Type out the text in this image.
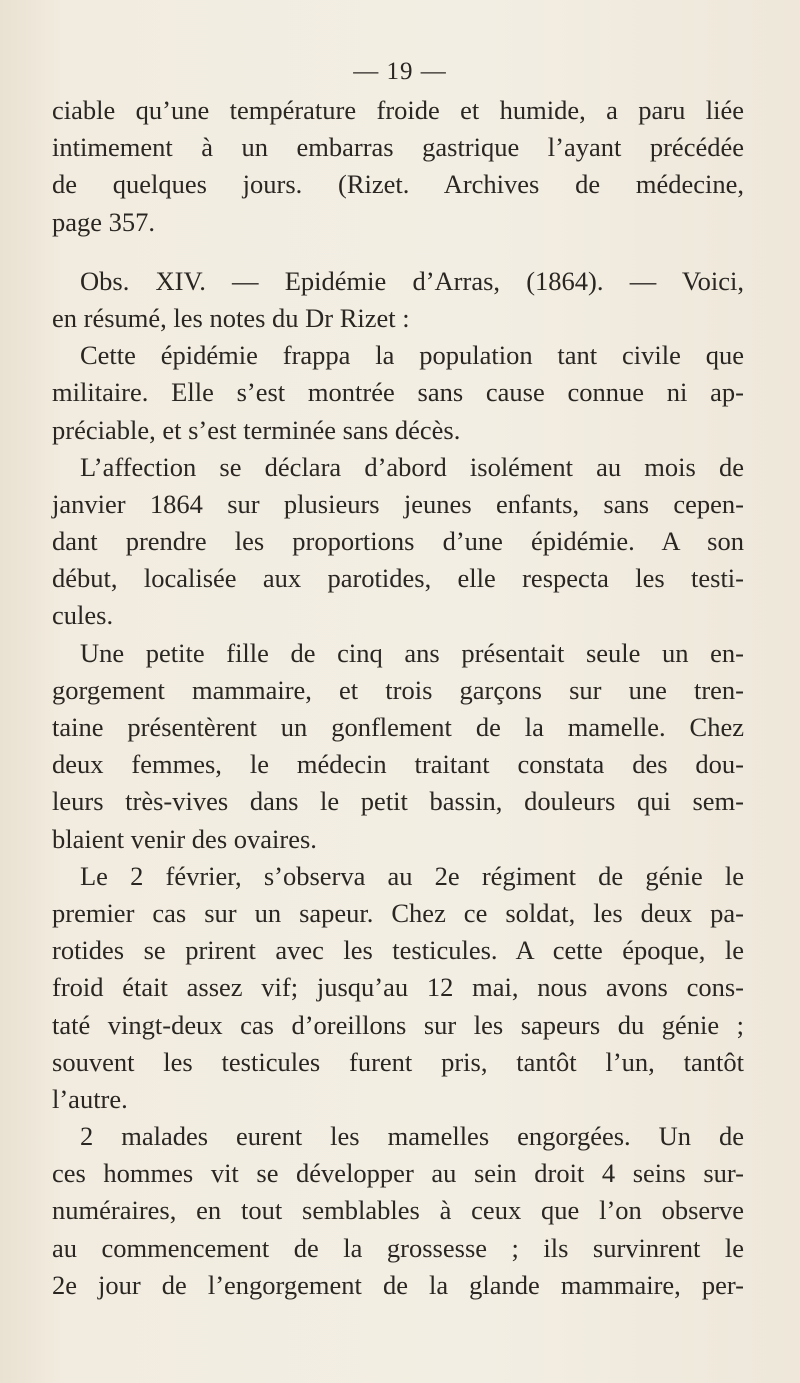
— 19 —
ciable qu’une température froide et humide, a paru liée
intimement à un embarras gastrique l’ayant précédée
de quelques jours. (Rizet. Archives de médecine,
page 357.
Obs. XIV. — Epidémie d’Arras, (1864). — Voici,
en résumé, les notes du Dr Rizet :
Cette épidémie frappa la population tant civile que
militaire. Elle s’est montrée sans cause connue ni ap-
préciable, et s’est terminée sans décès.
L’affection se déclara d’abord isolément au mois de
janvier 1864 sur plusieurs jeunes enfants, sans cepen-
dant prendre les proportions d’une épidémie. A son
début, localisée aux parotides, elle respecta les testi-
cules.
Une petite fille de cinq ans présentait seule un en-
gorgement mammaire, et trois garçons sur une tren-
taine présentèrent un gonflement de la mamelle. Chez
deux femmes, le médecin traitant constata des dou-
leurs très-vives dans le petit bassin, douleurs qui sem-
blaient venir des ovaires.
Le 2 février, s’observa au 2e régiment de génie le
premier cas sur un sapeur. Chez ce soldat, les deux pa-
rotides se prirent avec les testicules. A cette époque, le
froid était assez vif; jusqu’au 12 mai, nous avons cons-
taté vingt-deux cas d’oreillons sur les sapeurs du génie ;
souvent les testicules furent pris, tantôt l’un, tantôt
l’autre.
2 malades eurent les mamelles engorgées. Un de
ces hommes vit se développer au sein droit 4 seins sur-
numéraires, en tout semblables à ceux que l’on observe
au commencement de la grossesse ; ils survinrent le
2e jour de l’engorgement de la glande mammaire, per-
